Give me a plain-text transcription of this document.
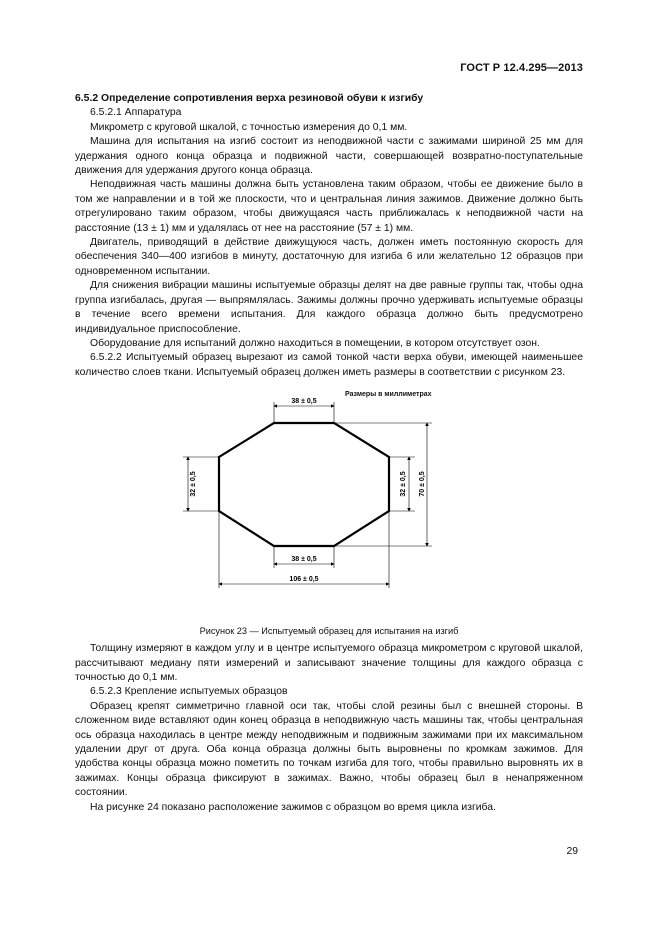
ГОСТ Р 12.4.295—2013

6.5.2 Определение сопротивления верха резиновой обуви к изгибу

6.5.2.1 Аппаратура

Микрометр с круговой шкалой, с точностью измерения до 0,1 мм.

Машина для испытания на изгиб состоит из неподвижной части с зажимами шириной 25 мм для удержания одного конца образца и подвижной части, совершающей возвратно-поступательные движения для удержания другого конца образца.

Неподвижная часть машины должна быть установлена таким образом, чтобы ее движение было в том же направлении и в той же плоскости, что и центральная линия зажимов. Движение должно быть отрегулировано таким образом, чтобы движущаяся часть приближалась к неподвижной части на расстояние (13 ± 1) мм и удалялась от нее на расстояние (57 ± 1) мм.

Двигатель, приводящий в действие движущуюся часть, должен иметь постоянную скорость для обеспечения 340—400 изгибов в минуту, достаточную для изгиба 6 или желательно 12 образцов при одновременном испытании.

Для снижения вибрации машины испытуемые образцы делят на две равные группы так, чтобы одна группа изгибалась, другая — выпрямлялась. Зажимы должны прочно удерживать испытуемые образцы в течение всего времени испытания. Для каждого образца должно быть предусмотрено индивидуальное приспособление.

Оборудование для испытаний должно находиться в помещении, в котором отсутствует озон.

6.5.2.2 Испытуемый образец вырезают из самой тонкой части верха обуви, имеющей наименьшее количество слоев ткани. Испытуемый образец должен иметь размеры в соответствии с рисунком 23.

Размеры в миллиметрах
38 ± 0,5
38 ± 0,5
106 ± 0,5
32 ± 0,5	32 ± 0,5 70 ± 0,5
Рисунок 23 — Испытуемый образец для испытания на изгиб

Толщину измеряют в каждом углу и в центре испытуемого образца микрометром с круговой шкалой, рассчитывают медиану пяти измерений и записывают значение толщины для каждого образца с точностью до 0,1 мм.

6.5.2.3 Крепление испытуемых образцов

Образец крепят симметрично главной оси так, чтобы слой резины был с внешней стороны. В сложенном виде вставляют один конец образца в неподвижную часть машины так, чтобы центральная ось образца находилась в центре между неподвижным и подвижным зажимами при их максимальном удалении друг от друга. Оба конца образца должны быть выровнены по кромкам зажимов. Для удобства концы образца можно пометить по точкам изгиба для того, чтобы правильно выровнять их в зажимах. Концы образца фиксируют в зажимах. Важно, чтобы образец был в ненапряженном состоянии.

На рисунке 24 показано расположение зажимов с образцом во время цикла изгиба.

29
